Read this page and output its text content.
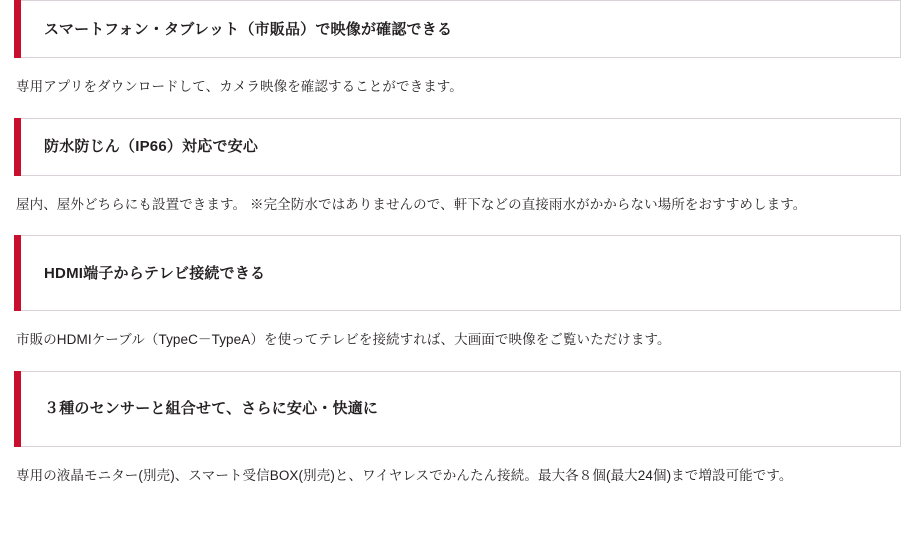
スマートフォン・タブレット（市販品）で映像が確認できる
専用アプリをダウンロードして、カメラ映像を確認することができます。
防水防じん（IP66）対応で安心
屋内、屋外どちらにも設置できます。 ※完全防水ではありませんので、軒下などの直接雨水がかからない場所をおすすめします。
HDMI端子からテレビ接続できる
市販のHDMIケーブル（TypeC－TypeA）を使ってテレビを接続すれば、大画面で映像をご覧いただけます。
３種のセンサーと組合せて、さらに安心・快適に
専用の液晶モニター(別売)、スマート受信BOX(別売)と、ワイヤレスでかんたん接続。最大各８個(最大24個)まで増設可能です。
